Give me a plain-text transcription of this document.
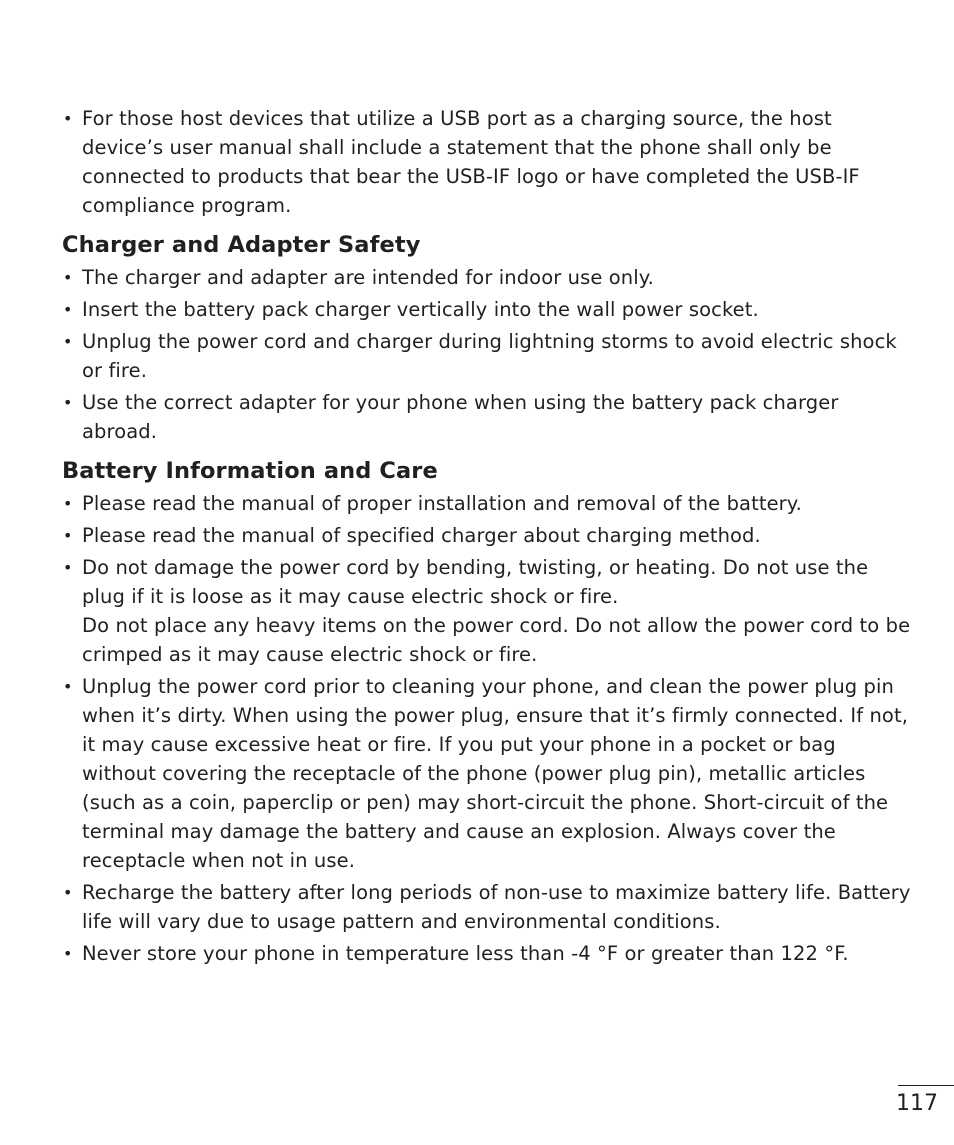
• For those host devices that utilize a USB port as a charging source, the host device’s user manual shall include a statement that the phone shall only be connected to products that bear the USB-IF logo or have completed the USB-IF compliance program.
Charger and Adapter Safety
• The charger and adapter are intended for indoor use only.
• Insert the battery pack charger vertically into the wall power socket.
• Unplug the power cord and charger during lightning storms to avoid electric shock or fire.
• Use the correct adapter for your phone when using the battery pack charger abroad.
Battery Information and Care
• Please read the manual of proper installation and removal of the battery.
• Please read the manual of specified charger about charging method.
• Do not damage the power cord by bending, twisting, or heating. Do not use the plug if it is loose as it may cause electric shock or fire.
Do not place any heavy items on the power cord. Do not allow the power cord to be crimped as it may cause electric shock or fire.
• Unplug the power cord prior to cleaning your phone, and clean the power plug pin when it’s dirty. When using the power plug, ensure that it’s firmly connected. If not, it may cause excessive heat or fire. If you put your phone in a pocket or bag without covering the receptacle of the phone (power plug pin), metallic articles (such as a coin, paperclip or pen) may short-circuit the phone. Short-circuit of the terminal may damage the battery and cause an explosion. Always cover the receptacle when not in use.
• Recharge the battery after long periods of non-use to maximize battery life. Battery life will vary due to usage pattern and environmental conditions.
• Never store your phone in temperature less than -4 °F or greater than 122 °F.
117
